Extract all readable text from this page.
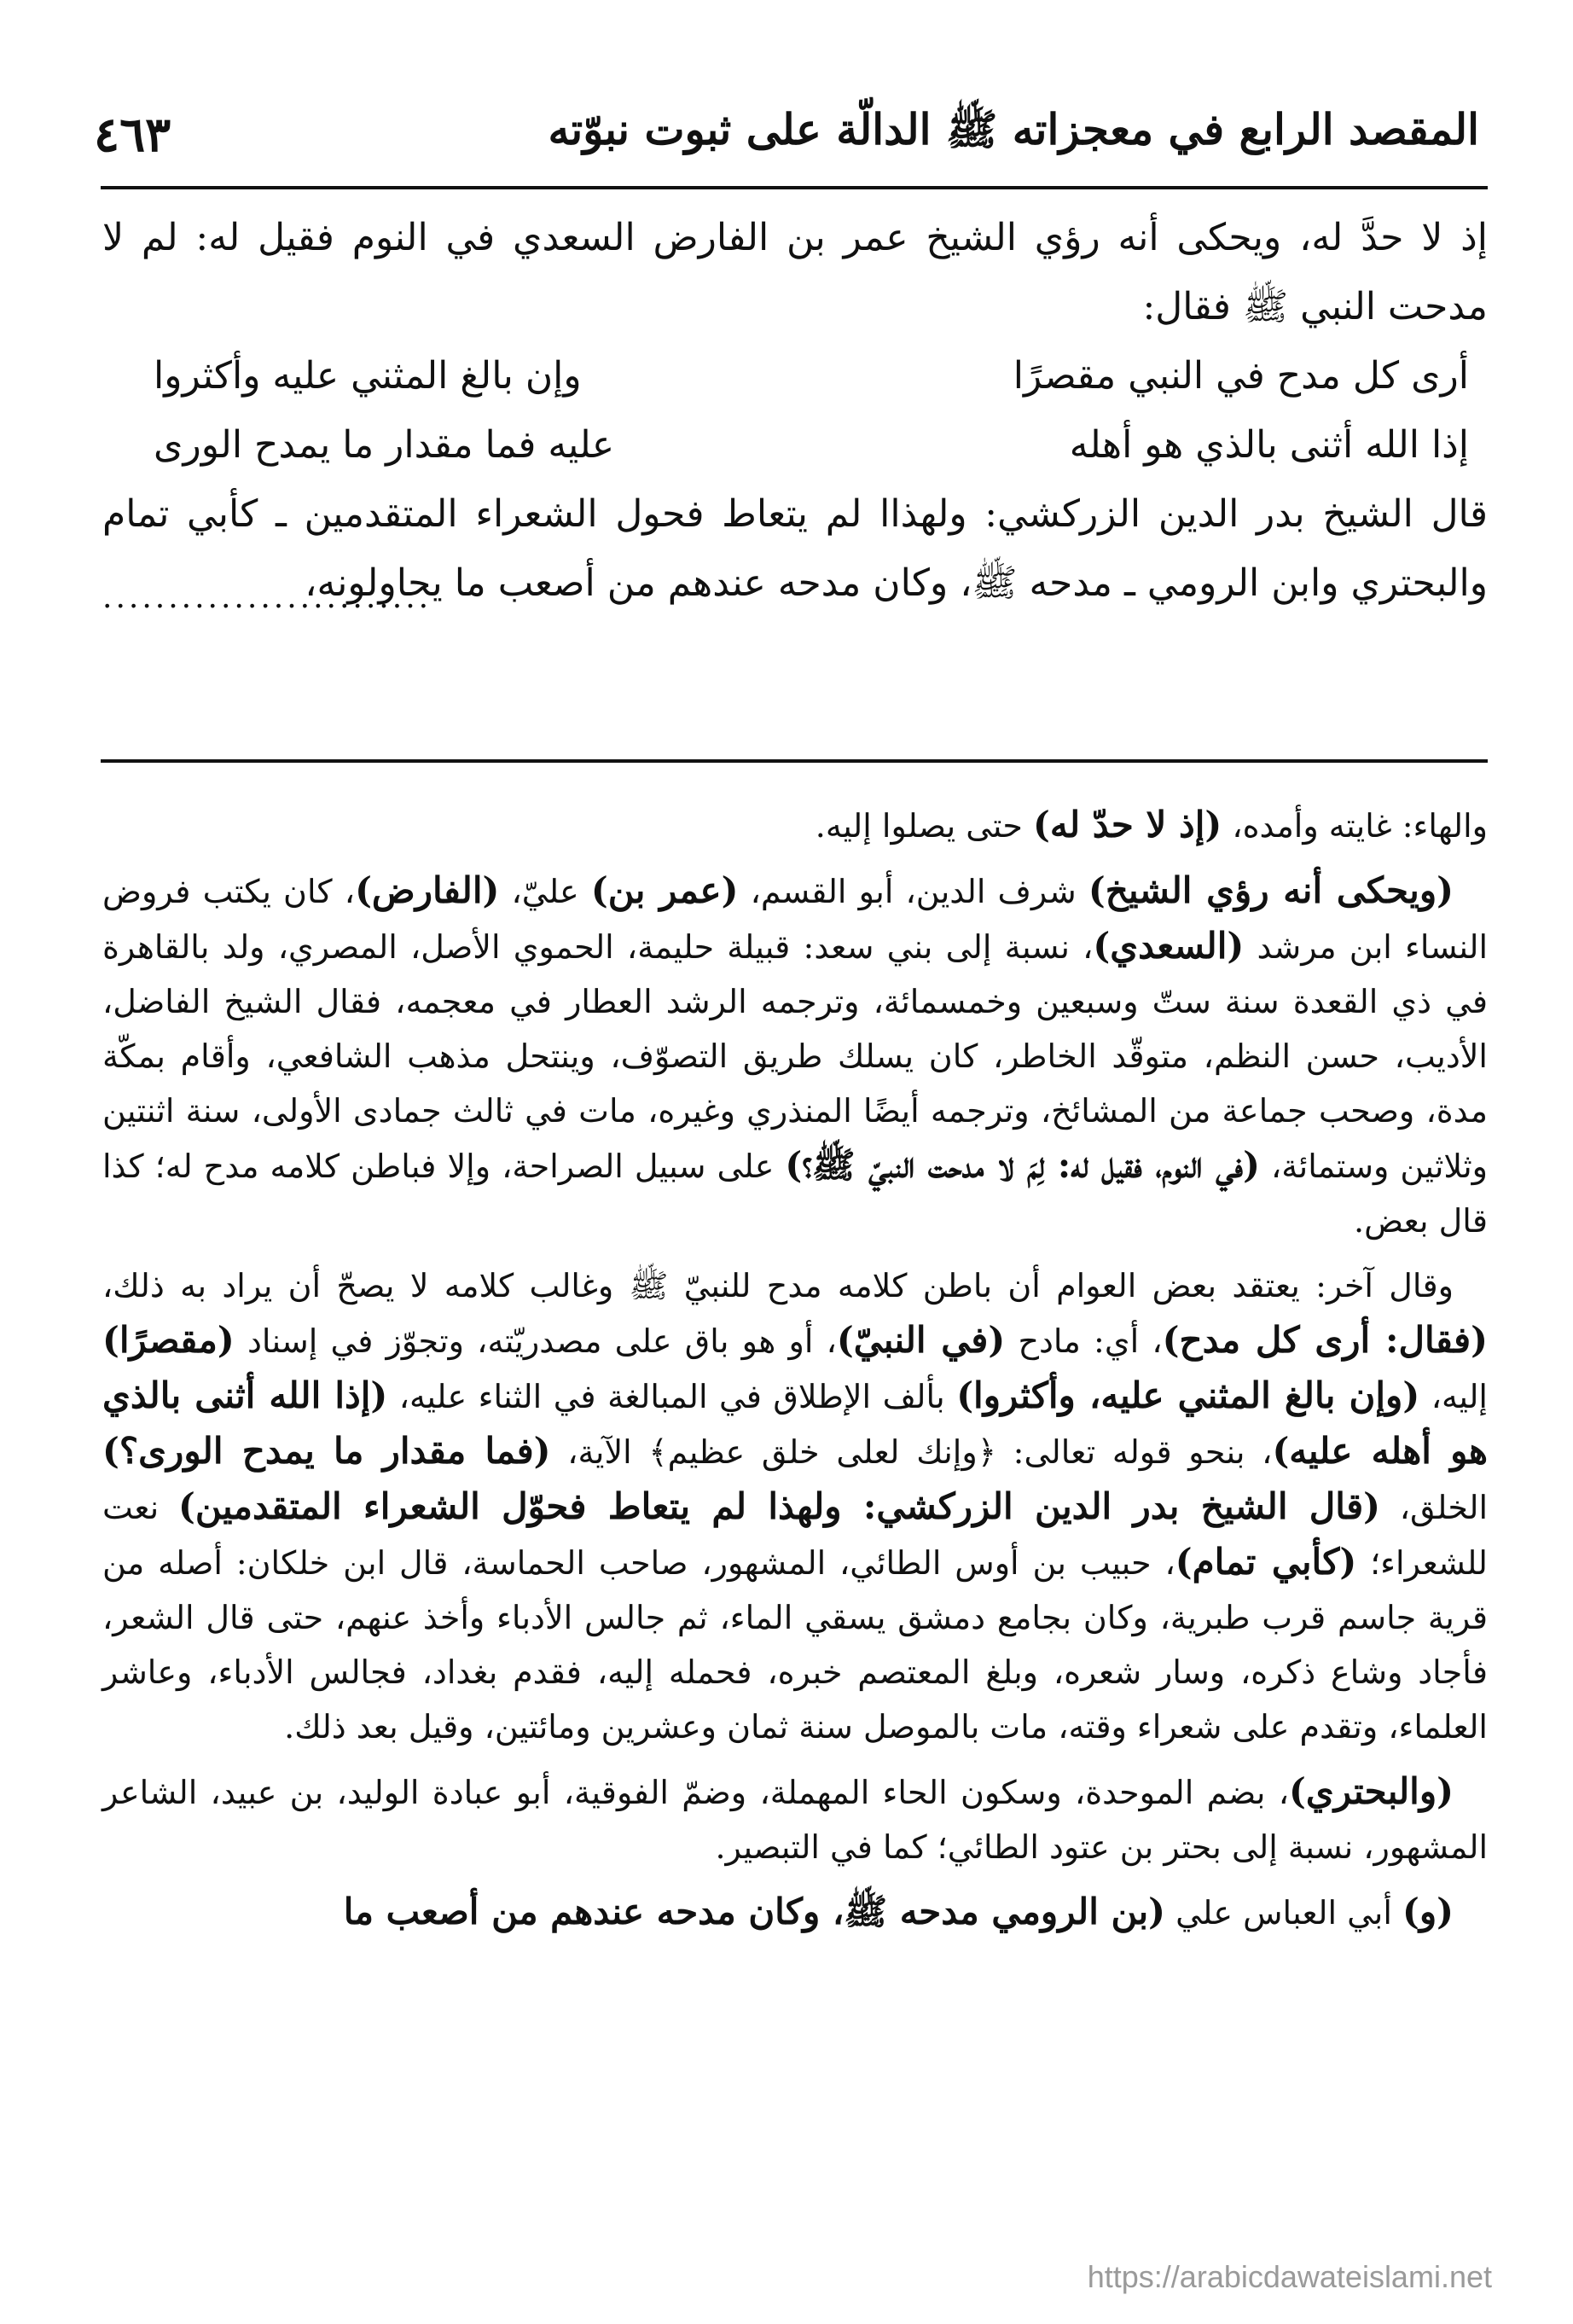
المقصد الرابع في معجزاته ﷺ الدالّة على ثبوت نبوّته
٤٦٣

إذ لا حدَّ له، ويحكى أنه رؤي الشيخ عمر بن الفارض السعدي في النوم فقيل له: لم لا مدحت النبي ﷺ فقال:

أرى كل مدح في النبي مقصرًا
وإن بالغ المثني عليه وأكثروا
إذا الله أثنى بالذي هو أهله
عليه فما مقدار ما يمدح الورى

قال الشيخ بدر الدين الزركشي: ولهذاا لم يتعاط فحول الشعراء المتقدمين ـ كأبي تمام والبحتري وابن الرومي ـ مدحه ﷺ، وكان مدحه عندهم من أصعب ما يحاولونه،

.........................

والهاء: غايته وأمده، (إذ لا حدّ له) حتى يصلوا إليه.

(ويحكى أنه رؤي الشيخ) شرف الدين، أبو القسم، (عمر بن) عليّ، (الفارض)، كان يكتب فروض النساء ابن مرشد (السعدي)، نسبة إلى بني سعد: قبيلة حليمة، الحموي الأصل، المصري، ولد بالقاهرة في ذي القعدة سنة ستّ وسبعين وخمسمائة، وترجمه الرشد العطار في معجمه، فقال الشيخ الفاضل، الأديب، حسن النظم، متوقّد الخاطر، كان يسلك طريق التصوّف، وينتحل مذهب الشافعي، وأقام بمكّة مدة، وصحب جماعة من المشائخ، وترجمه أيضًا المنذري وغيره، مات في ثالث جمادى الأولى، سنة اثنتين وثلاثين وستمائة، (في النوم، فقيل له: لِمَ لا مدحت النبيّ ﷺ؟) على سبيل الصراحة، وإلا فباطن كلامه مدح له؛ كذا قال بعض.

وقال آخر: يعتقد بعض العوام أن باطن كلامه مدح للنبيّ ﷺ وغالب كلامه لا يصحّ أن يراد به ذلك، (فقال: أرى كل مدح)، أي: مادح (في النبيّ)، أو هو باق على مصدريّته، وتجوّز في إسناد (مقصرًا) إليه، (وإن بالغ المثني عليه، وأكثروا) بألف الإطلاق في المبالغة في الثناء عليه، (إذا الله أثنى بالذي هو أهله عليه)، بنحو قوله تعالى: ﴿وإنك لعلى خلق عظيم﴾ الآية، (فما مقدار ما يمدح الورى؟) الخلق، (قال الشيخ بدر الدين الزركشي: ولهذا لم يتعاط فحوّل الشعراء المتقدمين) نعت للشعراء؛ (كأبي تمام)، حبيب بن أوس الطائي، المشهور، صاحب الحماسة، قال ابن خلكان: أصله من قرية جاسم قرب طبرية، وكان بجامع دمشق يسقي الماء، ثم جالس الأدباء وأخذ عنهم، حتى قال الشعر، فأجاد وشاع ذكره، وسار شعره، وبلغ المعتصم خبره، فحمله إليه، فقدم بغداد، فجالس الأدباء، وعاشر العلماء، وتقدم على شعراء وقته، مات بالموصل سنة ثمان وعشرين ومائتين، وقيل بعد ذلك.

(والبحتري)، بضم الموحدة، وسكون الحاء المهملة، وضمّ الفوقية، أبو عبادة الوليد، بن عبيد، الشاعر المشهور، نسبة إلى بحتر بن عتود الطائي؛ كما في التبصير.

(و) أبي العباس علي (بن الرومي مدحه ﷺ، وكان مدحه عندهم من أصعب ما

https://arabicdawateislami.net
